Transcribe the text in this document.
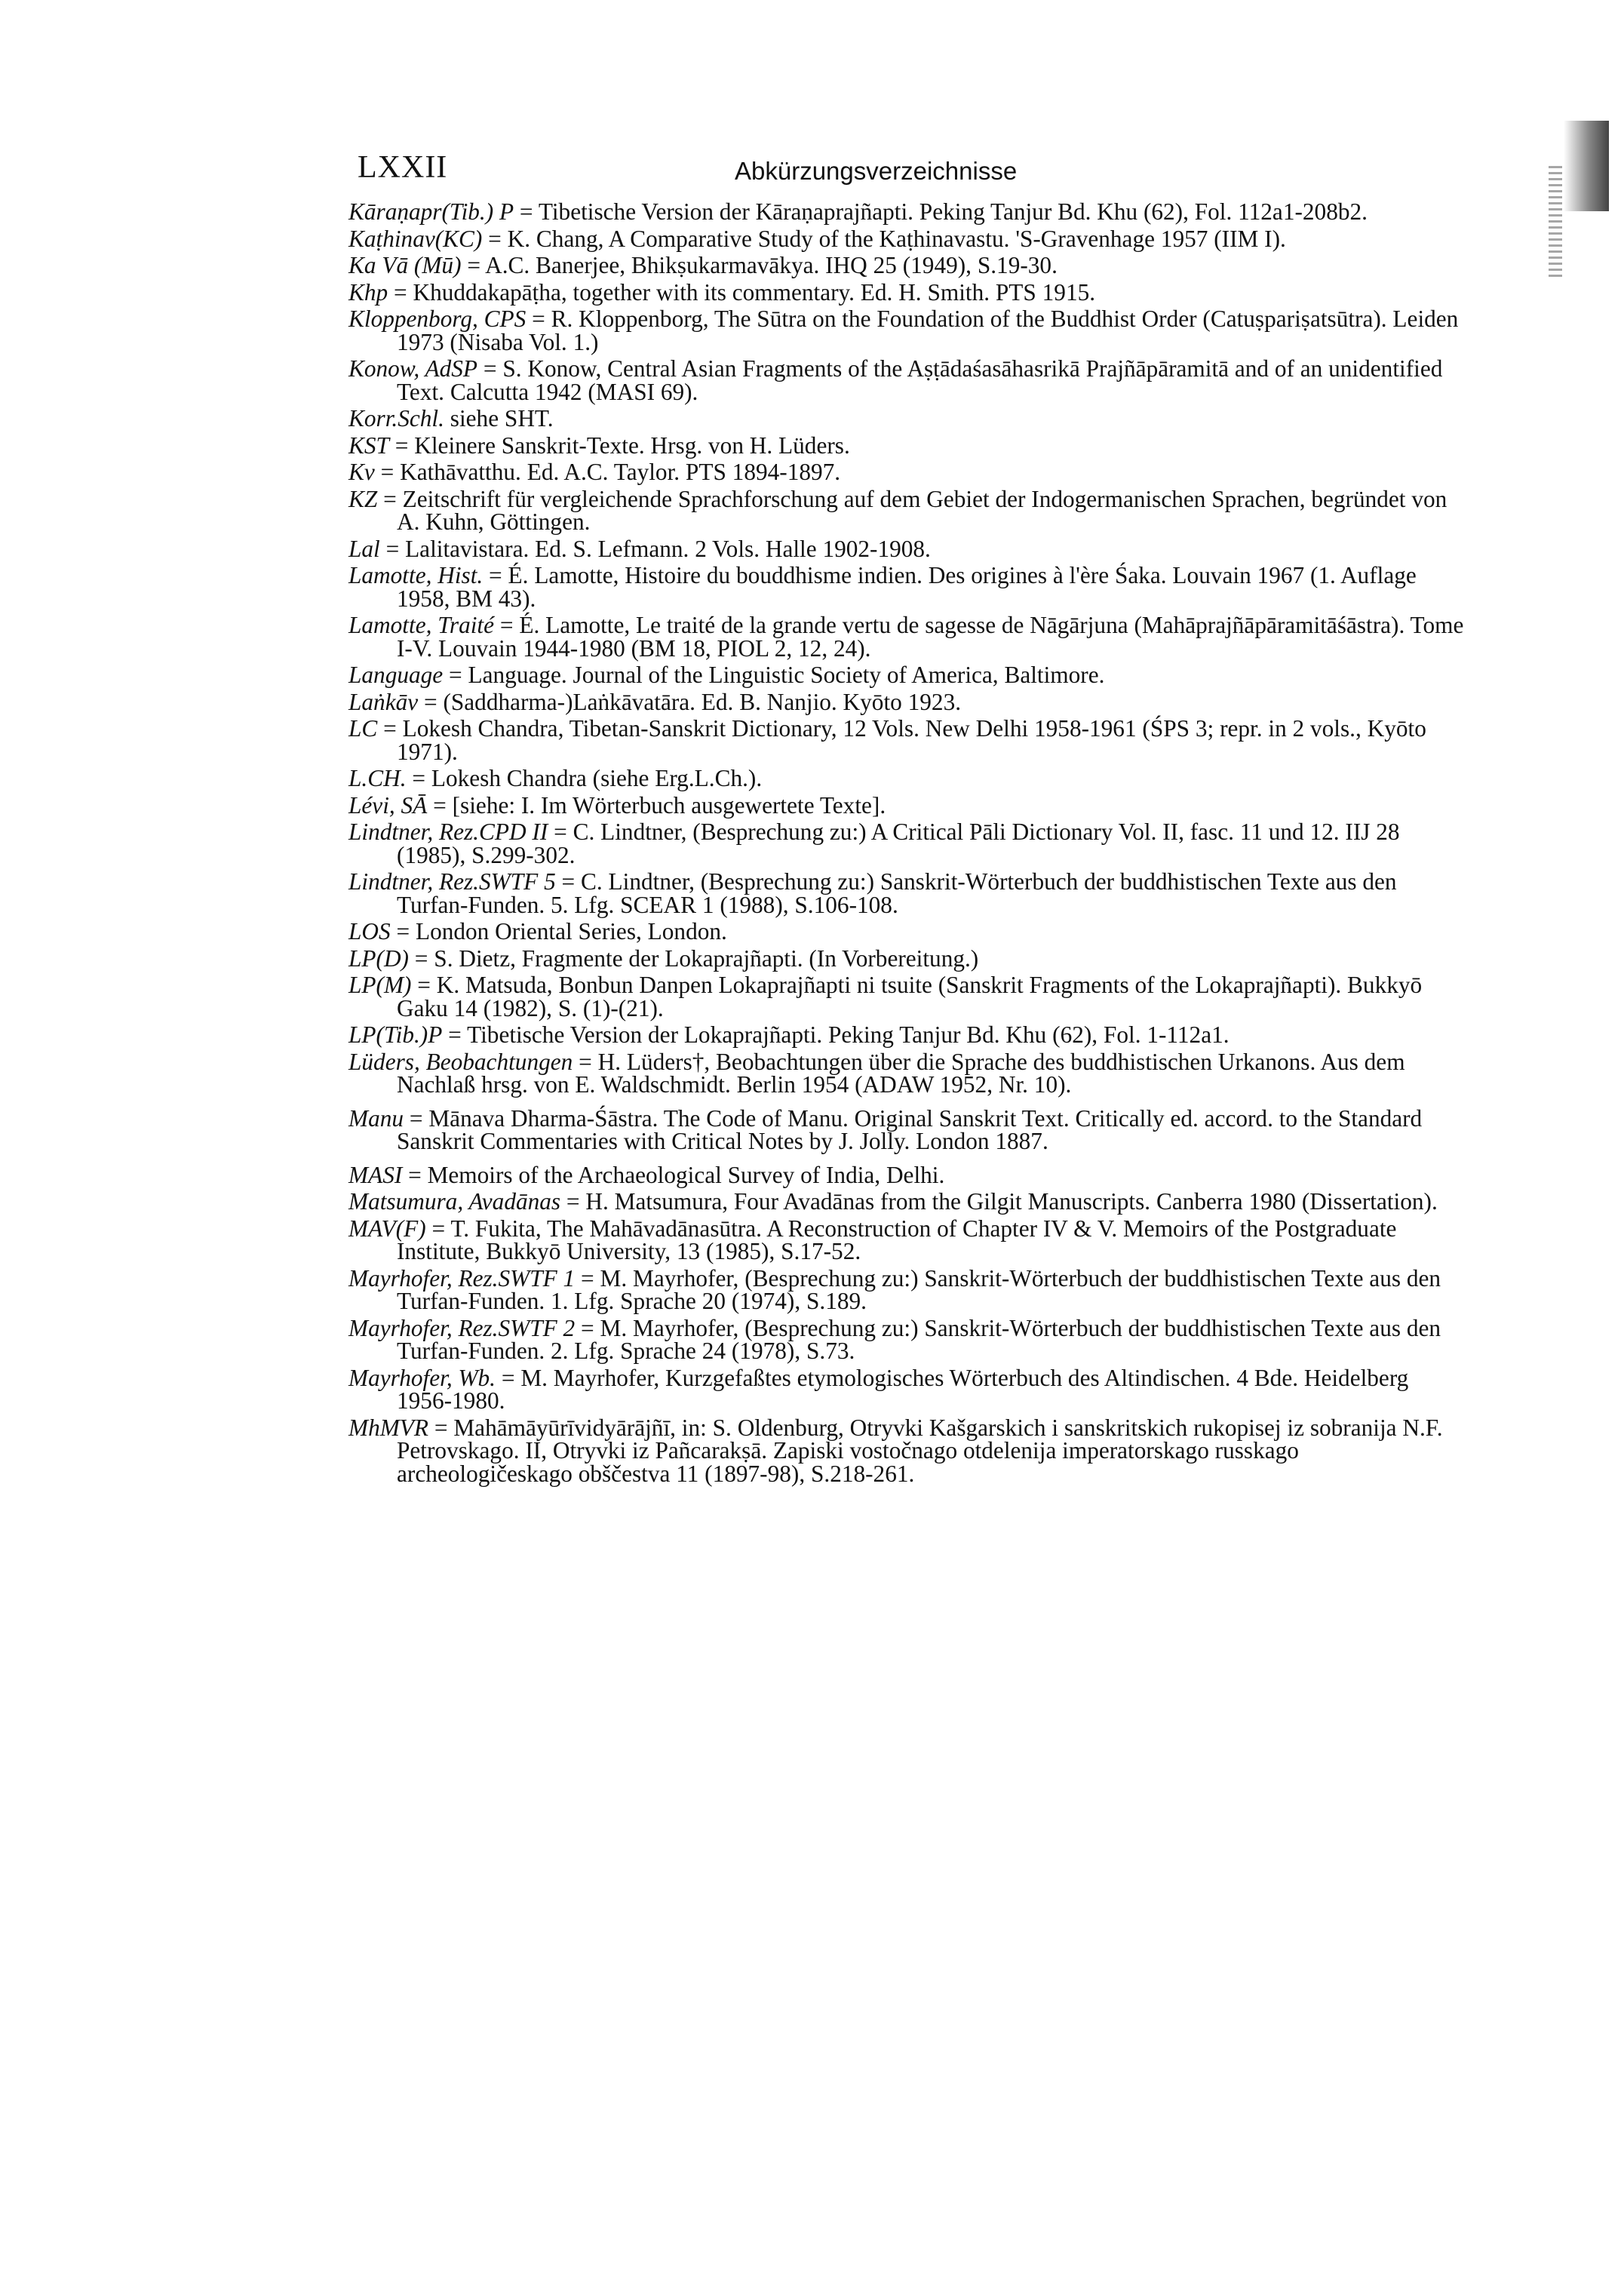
LXXII	Abkürzungsverzeichnisse

Kāraṇapr(Tib.) P = Tibetische Version der Kāraṇaprajñapti. Peking Tanjur Bd. Khu (62), Fol. 112a1-208b2.

Kaṭhinav(KC) = K. Chang, A Comparative Study of the Kaṭhinavastu. 'S-Gravenhage 1957 (IIM I).

Ka Vā (Mū) = A.C. Banerjee, Bhikṣukarmavākya. IHQ 25 (1949), S.19-30.

Khp = Khuddakapāṭha, together with its commentary. Ed. H. Smith. PTS 1915.

Kloppenborg, CPS = R. Kloppenborg, The Sūtra on the Foundation of the Buddhist Order (Catuṣpariṣatsūtra). Leiden 1973 (Nisaba Vol. 1.)

Konow, AdSP = S. Konow, Central Asian Fragments of the Aṣṭādaśasāhasrikā Prajñāpāramitā and of an unidentified Text. Calcutta 1942 (MASI 69).

Korr.Schl. siehe SHT.

KST = Kleinere Sanskrit-Texte. Hrsg. von H. Lüders.

Kv = Kathāvatthu. Ed. A.C. Taylor. PTS 1894-1897.

KZ = Zeitschrift für vergleichende Sprachforschung auf dem Gebiet der Indogermanischen Sprachen, begründet von A. Kuhn, Göttingen.

Lal = Lalitavistara. Ed. S. Lefmann. 2 Vols. Halle 1902-1908.

Lamotte, Hist. = É. Lamotte, Histoire du bouddhisme indien. Des origines à l'ère Śaka. Louvain 1967 (1. Auflage 1958, BM 43).

Lamotte, Traité = É. Lamotte, Le traité de la grande vertu de sagesse de Nāgārjuna (Mahāprajñāpāramitāśāstra). Tome I-V. Louvain 1944-1980 (BM 18, PIOL 2, 12, 24).

Language = Language. Journal of the Linguistic Society of America, Baltimore.

Laṅkāv = (Saddharma-)Laṅkāvatāra. Ed. B. Nanjio. Kyōto 1923.

LC = Lokesh Chandra, Tibetan-Sanskrit Dictionary, 12 Vols. New Delhi 1958-1961 (ŚPS 3; repr. in 2 vols., Kyōto 1971).

L.CH. = Lokesh Chandra (siehe Erg.L.Ch.).

Lévi, SĀ = [siehe: I. Im Wörterbuch ausgewertete Texte].

Lindtner, Rez.CPD II = C. Lindtner, (Besprechung zu:) A Critical Pāli Dictionary Vol. II, fasc. 11 und 12. IIJ 28 (1985), S.299-302.

Lindtner, Rez.SWTF 5 = C. Lindtner, (Besprechung zu:) Sanskrit-Wörterbuch der buddhistischen Texte aus den Turfan-Funden. 5. Lfg. SCEAR 1 (1988), S.106-108.

LOS = London Oriental Series, London.

LP(D) = S. Dietz, Fragmente der Lokaprajñapti. (In Vorbereitung.)

LP(M) = K. Matsuda, Bonbun Danpen Lokaprajñapti ni tsuite (Sanskrit Fragments of the Lokaprajñapti). Bukkyō Gaku 14 (1982), S. (1)-(21).

LP(Tib.)P = Tibetische Version der Lokaprajñapti. Peking Tanjur Bd. Khu (62), Fol. 1-112a1.

Lüders, Beobachtungen = H. Lüders†, Beobachtungen über die Sprache des buddhistischen Urkanons. Aus dem Nachlaß hrsg. von E. Waldschmidt. Berlin 1954 (ADAW 1952, Nr. 10).

Manu = Mānava Dharma-Śāstra. The Code of Manu. Original Sanskrit Text. Critically ed. accord. to the Standard Sanskrit Commentaries with Critical Notes by J. Jolly. London 1887.

MASI = Memoirs of the Archaeological Survey of India, Delhi.

Matsumura, Avadānas = H. Matsumura, Four Avadānas from the Gilgit Manuscripts. Canberra 1980 (Dissertation).

MAV(F) = T. Fukita, The Mahāvadānasūtra. A Reconstruction of Chapter IV & V. Memoirs of the Postgraduate Institute, Bukkyō University, 13 (1985), S.17-52.

Mayrhofer, Rez.SWTF 1 = M. Mayrhofer, (Besprechung zu:) Sanskrit-Wörterbuch der buddhistischen Texte aus den Turfan-Funden. 1. Lfg. Sprache 20 (1974), S.189.

Mayrhofer, Rez.SWTF 2 = M. Mayrhofer, (Besprechung zu:) Sanskrit-Wörterbuch der buddhistischen Texte aus den Turfan-Funden. 2. Lfg. Sprache 24 (1978), S.73.

Mayrhofer, Wb. = M. Mayrhofer, Kurzgefaßtes etymologisches Wörterbuch des Altindischen. 4 Bde. Heidelberg 1956-1980.

MhMVR = Mahāmāyūrīvidyārājñī, in: S. Oldenburg, Otryvki Kašgarskich i sanskritskich rukopisej iz sobranija N.F. Petrovskago. II, Otryvki iz Pañcarakṣā. Zapiski vostočnago otdelenija imperatorskago russkago archeologičeskago obščestva 11 (1897-98), S.218-261.
